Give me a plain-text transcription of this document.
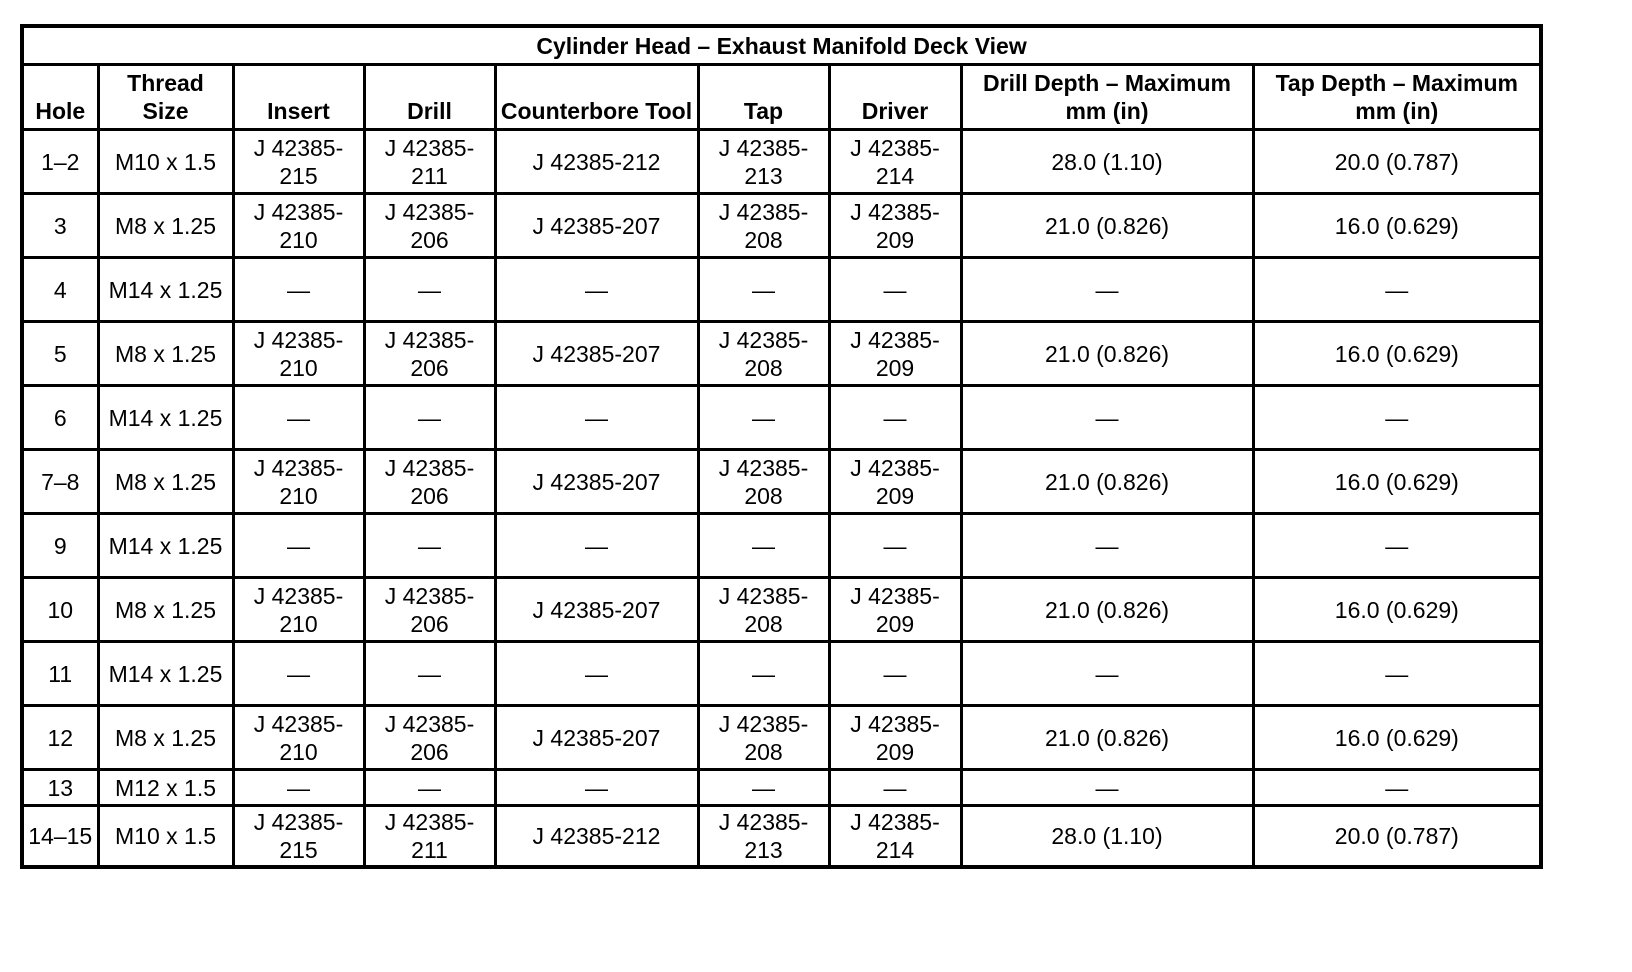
Cylinder Head – Exhaust Manifold Deck View								
Hole	Thread Size	Insert	Drill	Counterbore Tool	Tap	Driver	Drill Depth – Maximum mm (in)	Tap Depth – Maximum mm (in)
1–2	M10 x 1.5	J 42385-215	J 42385-211	J 42385-212	J 42385-213	J 42385-214	28.0 (1.10)	20.0 (0.787)
3	M8 x 1.25	J 42385-210	J 42385-206	J 42385-207	J 42385-208	J 42385-209	21.0 (0.826)	16.0 (0.629)
4	M14 x 1.25	—	—	—	—	—	—	—
5	M8 x 1.25	J 42385-210	J 42385-206	J 42385-207	J 42385-208	J 42385-209	21.0 (0.826)	16.0 (0.629)
6	M14 x 1.25	—	—	—	—	—	—	—
7–8	M8 x 1.25	J 42385-210	J 42385-206	J 42385-207	J 42385-208	J 42385-209	21.0 (0.826)	16.0 (0.629)
9	M14 x 1.25	—	—	—	—	—	—	—
10	M8 x 1.25	J 42385-210	J 42385-206	J 42385-207	J 42385-208	J 42385-209	21.0 (0.826)	16.0 (0.629)
11	M14 x 1.25	—	—	—	—	—	—	—
12	M8 x 1.25	J 42385-210	J 42385-206	J 42385-207	J 42385-208	J 42385-209	21.0 (0.826)	16.0 (0.629)
13	M12 x 1.5	—	—	—	—	—	—	—
14–15	M10 x 1.5	J 42385-215	J 42385-211	J 42385-212	J 42385-213	J 42385-214	28.0 (1.10)	20.0 (0.787)
